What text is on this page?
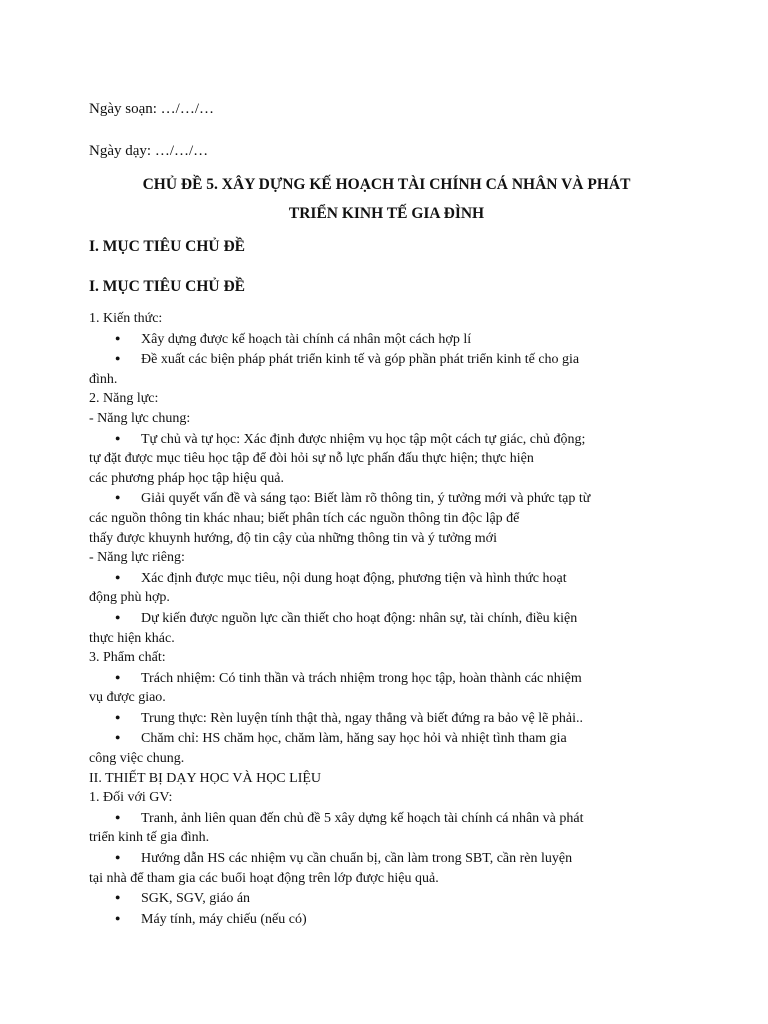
Ngày soạn: …/…/…
Ngày dạy: …/…/…
CHỦ ĐỀ 5. XÂY DỰNG KẾ HOẠCH TÀI CHÍNH CÁ NHÂN VÀ PHÁT
TRIỂN KINH TẾ GIA ĐÌNH
I. MỤC TIÊU CHỦ ĐỀ
I. MỤC TIÊU CHỦ ĐỀ
1. Kiến thức:
● Xây dựng được kế hoạch tài chính cá nhân một cách hợp lí
● Đề xuất các biện pháp phát triển kinh tế và góp phần phát triển kinh tế cho gia
đình.
2. Năng lực:
- Năng lực chung:
● Tự chủ và tự học: Xác định được nhiệm vụ học tập một cách tự giác, chủ động;
tự đặt được mục tiêu học tập để đòi hỏi sự nỗ lực phấn đấu thực hiện; thực hiện
các phương pháp học tập hiệu quả.
● Giải quyết vấn đề và sáng tạo: Biết làm rõ thông tin, ý tưởng mới và phức tạp từ
các nguồn thông tin khác nhau; biết phân tích các nguồn thông tin độc lập để
thấy được khuynh hướng, độ tin cậy của những thông tin và ý tưởng mới
- Năng lực riêng:
● Xác định được mục tiêu, nội dung hoạt động, phương tiện và hình thức hoạt
động phù hợp.
● Dự kiến được nguồn lực cần thiết cho hoạt động: nhân sự, tài chính, điều kiện
thực hiện khác.
3. Phẩm chất:
● Trách nhiệm: Có tinh thần và trách nhiệm trong học tập, hoàn thành các nhiệm
vụ được giao.
● Trung thực: Rèn luyện tính thật thà, ngay thẳng và biết đứng ra bảo vệ lẽ phải..
● Chăm chỉ: HS chăm học, chăm làm, hăng say học hỏi và nhiệt tình tham gia
công việc chung.
II. THIẾT BỊ DẠY HỌC VÀ HỌC LIỆU
1. Đối với GV:
● Tranh, ảnh liên quan đến chủ đề 5 xây dựng kế hoạch tài chính cá nhân và phát
triển kinh tế gia đình.
● Hướng dẫn HS các nhiệm vụ cần chuẩn bị, cần làm trong SBT, cần rèn luyện
tại nhà để tham gia các buổi hoạt động trên lớp được hiệu quả.
● SGK, SGV, giáo án
● Máy tính, máy chiếu (nếu có)
